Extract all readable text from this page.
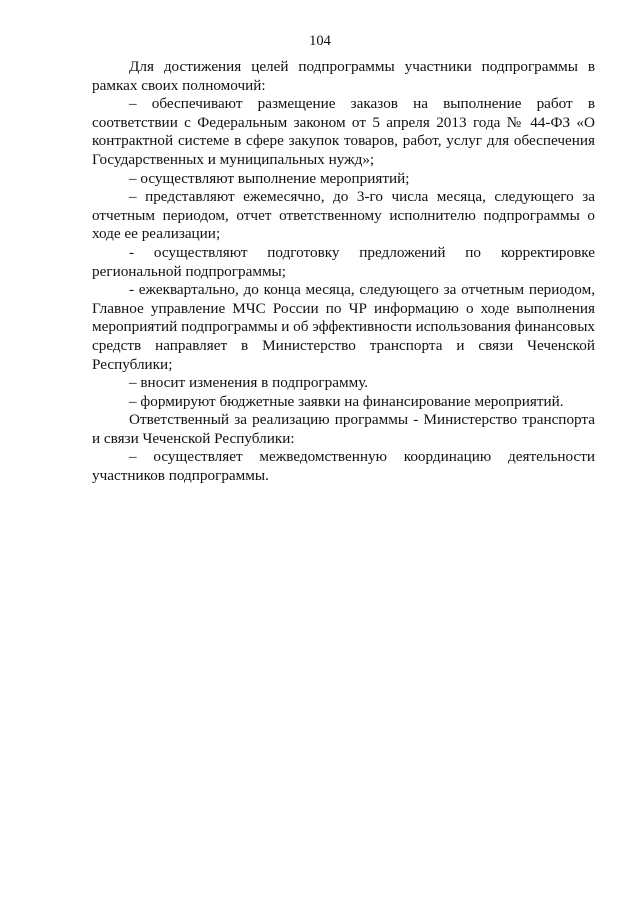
104

Для достижения целей подпрограммы участники подпрограммы в рамках своих полномочий:

– обеспечивают размещение заказов на выполнение работ в соответствии с Федеральным законом от 5 апреля 2013 года № 44-ФЗ «О контрактной системе в сфере закупок товаров, работ, услуг для обеспечения Государственных и муниципальных нужд»;

– осуществляют выполнение мероприятий;

– представляют ежемесячно, до 3-го числа месяца, следующего за отчетным периодом, отчет ответственному исполнителю подпрограммы о ходе ее реализации;

- осуществляют подготовку предложений по корректировке региональной подпрограммы;

- ежеквартально, до конца месяца, следующего за отчетным периодом, Главное управление МЧС России по ЧР информацию о ходе выполнения мероприятий подпрограммы и об эффективности использования финансовых средств направляет в Министерство транспорта и связи Чеченской Республики;

– вносит изменения в подпрограмму.

– формируют бюджетные заявки на финансирование мероприятий.

Ответственный за реализацию программы - Министерство транспорта и связи Чеченской Республики:

– осуществляет межведомственную координацию деятельности участников подпрограммы.
